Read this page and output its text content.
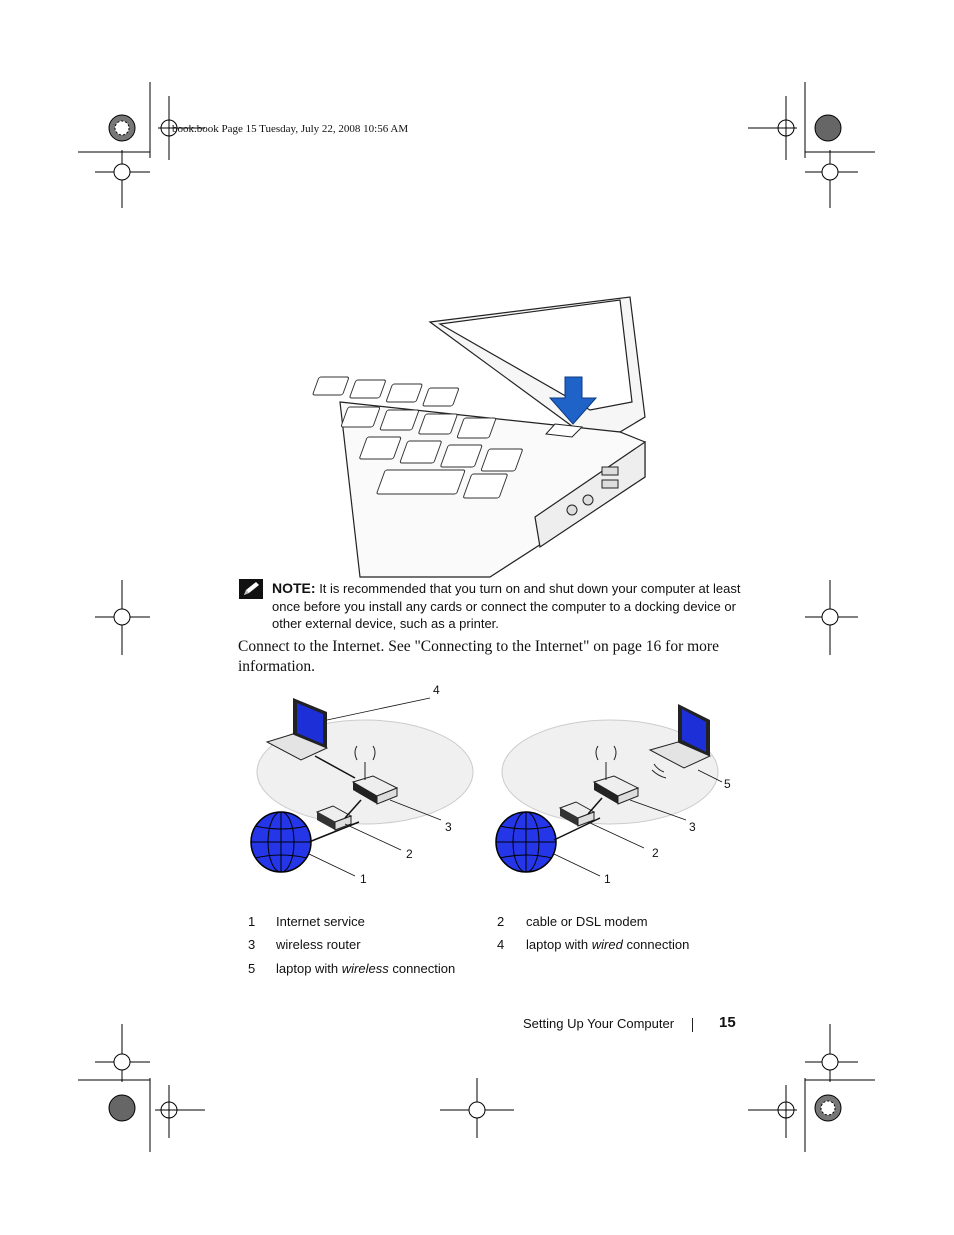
book.book Page 15 Tuesday, July 22, 2008 10:56 AM
NOTE: It is recommended that you turn on and shut down your computer at least once before you install any cards or connect the computer to a docking device or other external device, such as a printer.
Connect to the Internet. See "Connecting to the Internet" on page 16 for more information.
4
3
2
1
5
3
2
1
1 Internet service	2 cable or DSL modem
3 wireless router	4 laptop with wired connection
5 laptop with wireless connection
Setting Up Your Computer	15
